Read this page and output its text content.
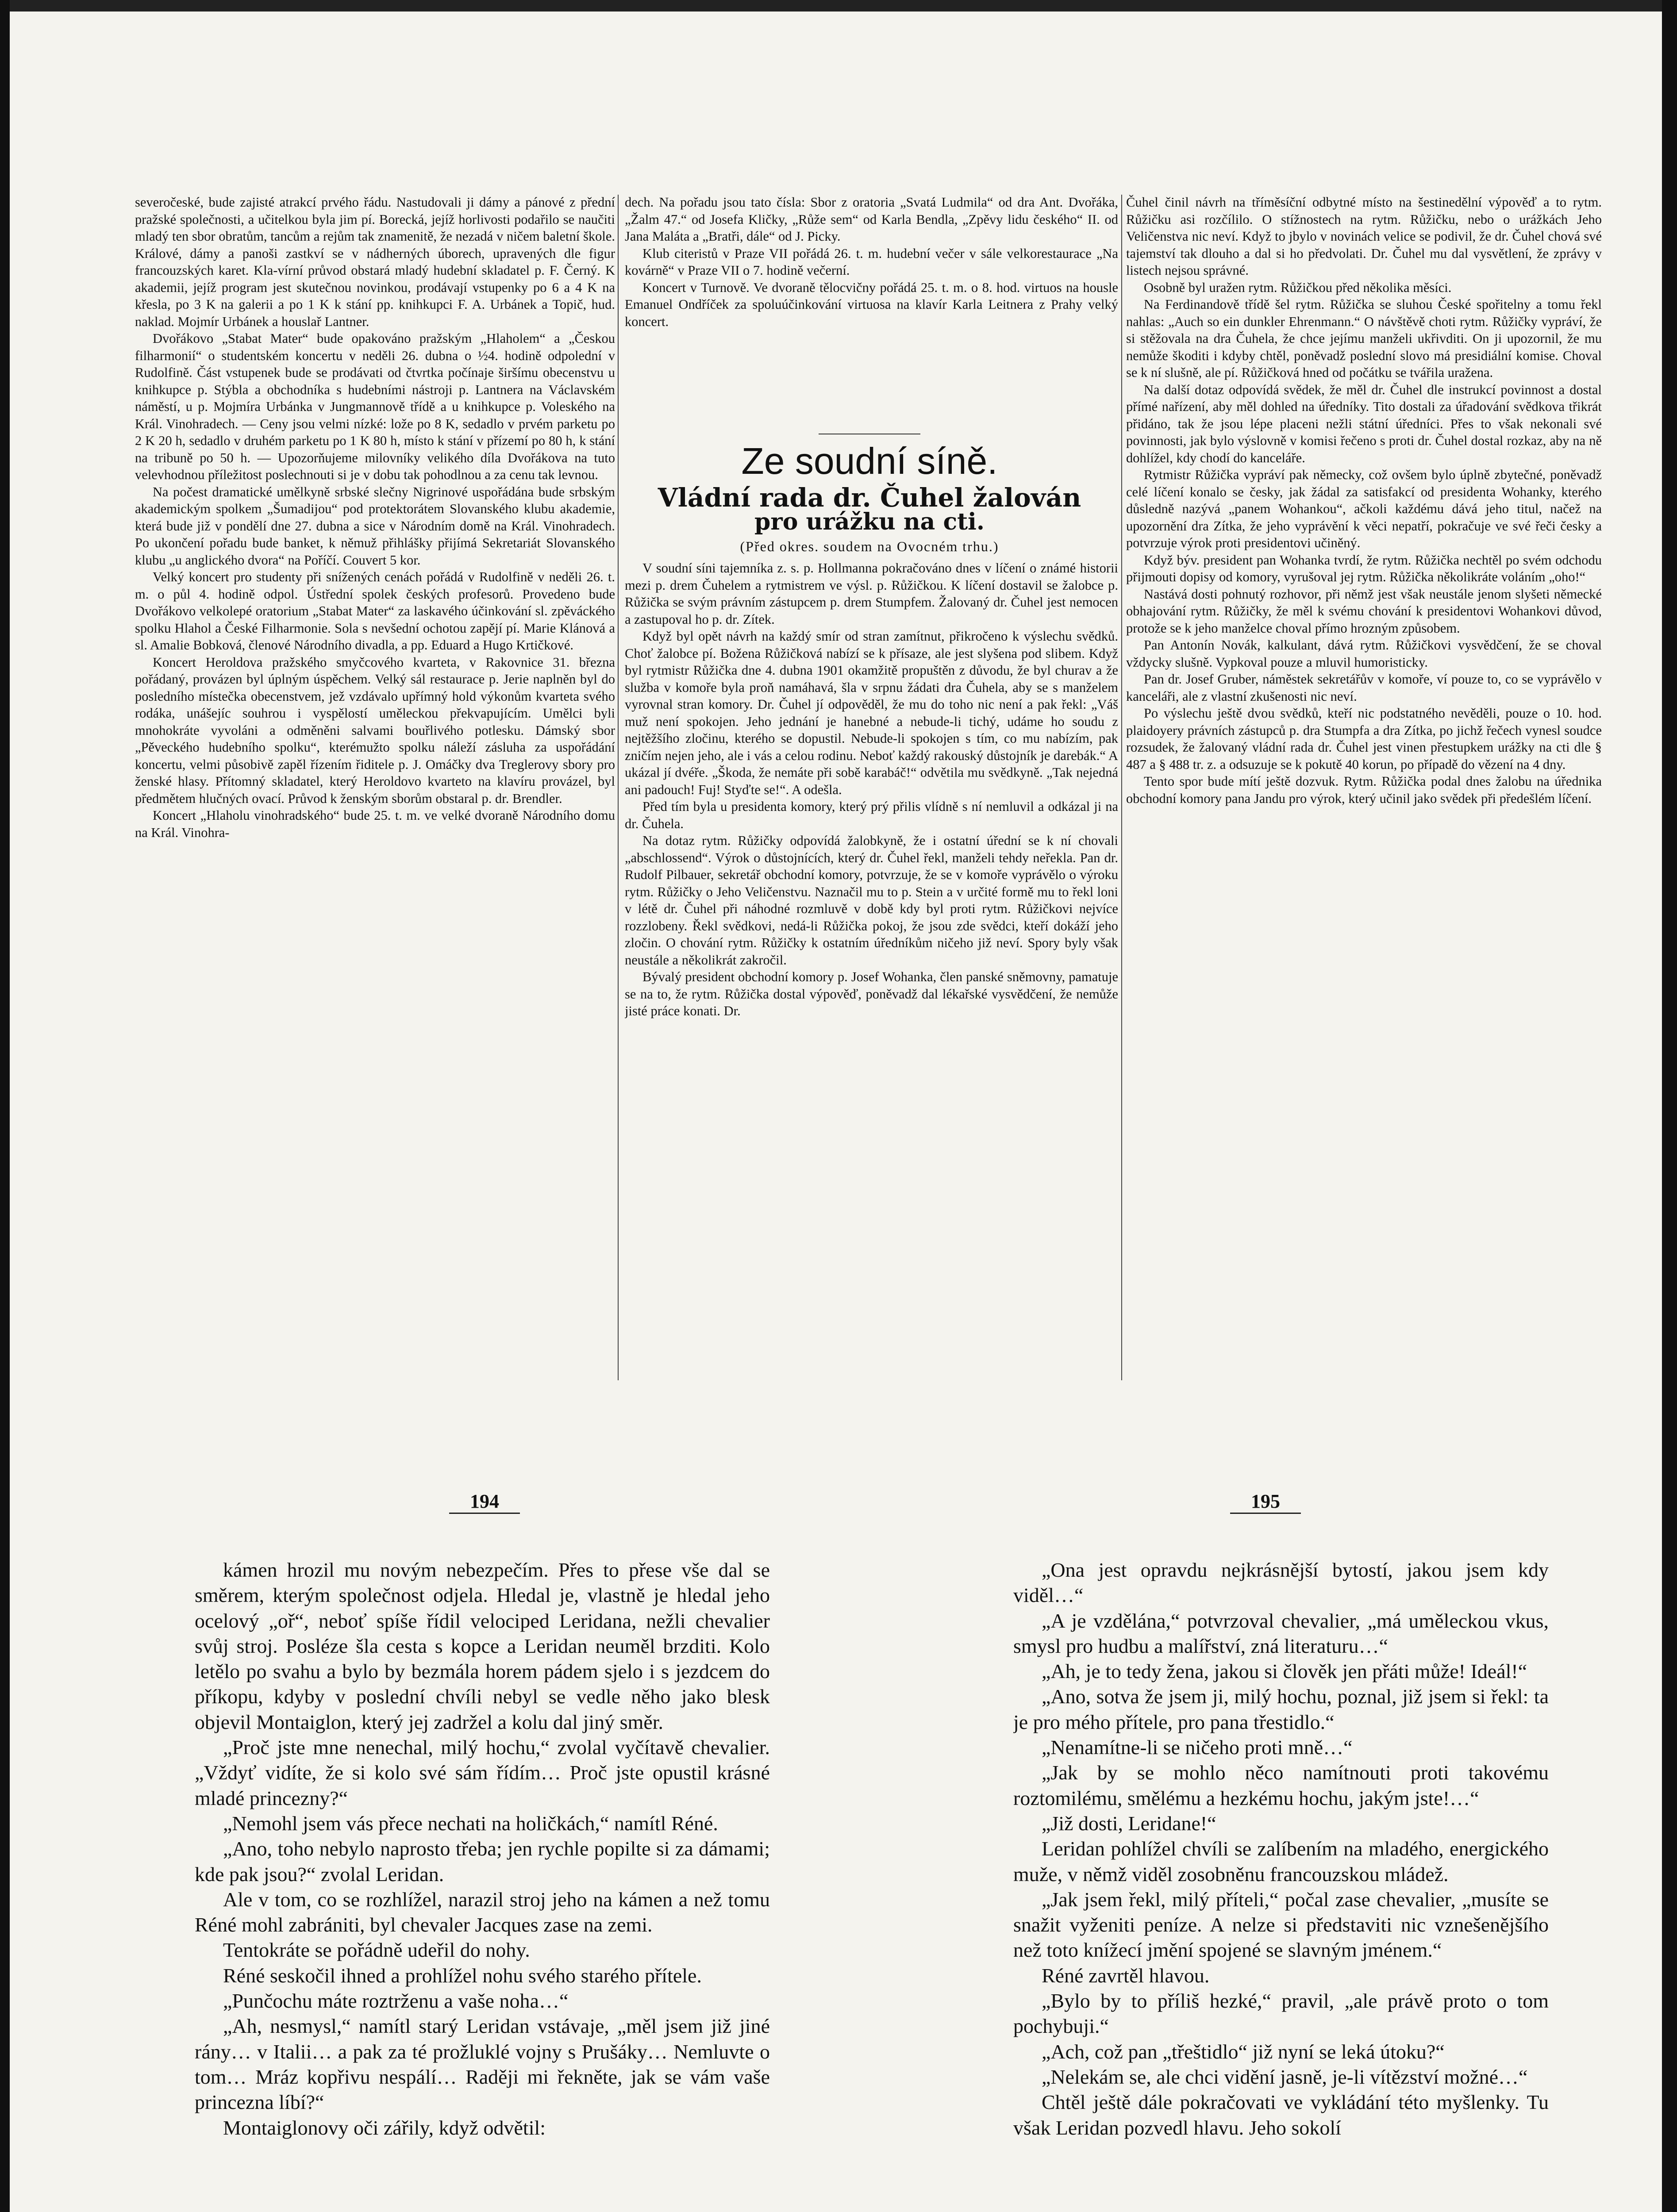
severočeské, bude zajisté atrakcí prvého řádu. Nastudovali ji dámy a pánové z přední pražské společnosti, a učitelkou byla jim pí. Borecká, jejíž horlivosti podařilo se naučiti mladý ten sbor obratům, tancům a rejům tak znamenitě, že nezadá v ničem baletní škole. Králové, dámy a panoši zastkví se v nádherných úborech, upravených dle figur francouzských karet. Kla-vírní průvod obstará mladý hudební skladatel p. F. Černý. K akademii, jejíž program jest skutečnou novinkou, prodávají vstupenky po 6 a 4 K na křesla, po 3 K na galerii a po 1 K k stání pp. knihkupci F. A. Urbánek a Topič, hud. naklad. Mojmír Urbánek a houslař Lantner.

Dvořákovo „Stabat Mater“ bude opakováno pražským „Hlaholem“ a „Českou filharmonií“ o studentském koncertu v neděli 26. dubna o ½4. hodině odpolední v Rudolfině. Část vstupenek bude se prodávati od čtvrtka počínaje širšímu obecenstvu u knihkupce p. Stýbla a obchodníka s hudebními nástroji p. Lantnera na Václavském náměstí, u p. Mojmíra Urbánka v Jungmannově třídě a u knihkupce p. Voleského na Král. Vinohradech. — Ceny jsou velmi nízké: lože po 8 K, sedadlo v prvém parketu po 2 K 20 h, sedadlo v druhém parketu po 1 K 80 h, místo k stání v přízemí po 80 h, k stání na tribuně po 50 h. — Upozorňujeme milovníky velikého díla Dvořákova na tuto velevhodnou příležitost poslechnouti si je v dobu tak pohodlnou a za cenu tak levnou.

Na počest dramatické umělkyně srbské slečny Nigrinové uspořádána bude srbským akademickým spolkem „Šumadijou“ pod protektorátem Slovanského klubu akademie, která bude již v pondělí dne 27. dubna a sice v Národním domě na Král. Vinohradech. Po ukončení pořadu bude banket, k němuž přihlášky přijímá Sekretariát Slovanského klubu „u anglického dvora“ na Poříčí. Couvert 5 kor.

Velký koncert pro studenty při snížených cenách pořádá v Rudolfině v neděli 26. t. m. o půl 4. hodině odpol. Ústřední spolek českých profesorů. Provedeno bude Dvořákovo velkolepé oratorium „Stabat Mater“ za laskavého účinkování sl. zpěváckého spolku Hlahol a České Filharmonie. Sola s nevšední ochotou zapějí pí. Marie Klánová a sl. Amalie Bobková, členové Národního divadla, a pp. Eduard a Hugo Krtičkové.

Koncert Heroldova pražského smyčcového kvarteta, v Rakovnice 31. března pořádaný, provázen byl úplným úspěchem. Velký sál restaurace p. Jerie naplněn byl do posledního místečka obecenstvem, jež vzdávalo upřímný hold výkonům kvarteta svého rodáka, unášejíc souhrou i vyspělostí uměleckou překvapujícím. Umělci byli mnohokráte vyvoláni a odměněni salvami bouřlivého potlesku. Dámský sbor „Pěveckého hudebního spolku“, kterémužto spolku náleží zásluha za uspořádání koncertu, velmi působivě zapěl řízením řiditele p. J. Omáčky dva Treglerovy sbory pro ženské hlasy. Přítomný skladatel, který Heroldovo kvarteto na klavíru provázel, byl předmětem hlučných ovací. Průvod k ženským sborům obstaral p. dr. Brendler.

Koncert „Hlaholu vinohradského“ bude 25. t. m. ve velké dvoraně Národního domu na Král. Vinohra-

dech. Na pořadu jsou tato čísla: Sbor z oratoria „Svatá Ludmila“ od dra Ant. Dvořáka, „Žalm 47.“ od Josefa Kličky, „Růže sem“ od Karla Bendla, „Zpěvy lidu českého“ II. od Jana Maláta a „Bratři, dále“ od J. Picky.

Klub citeristů v Praze VII pořádá 26. t. m. hudební večer v sále velkorestaurace „Na kovárně“ v Praze VII o 7. hodině večerní.

Koncert v Turnově. Ve dvoraně tělocvičny pořádá 25. t. m. o 8. hod. virtuos na housle Emanuel Ondříček za spoluúčinkování virtuosa na klavír Karla Leitnera z Prahy velký koncert.

Ze soudní síně.
Vládní rada dr. Čuhel žalován
pro urážku na cti.
(Před okres. soudem na Ovocném trhu.)

V soudní síni tajemníka z. s. p. Hollmanna pokračováno dnes v líčení o známé historii mezi p. drem Čuhelem a rytmistrem ve výsl. p. Růžičkou. K líčení dostavil se žalobce p. Růžička se svým právním zástupcem p. drem Stumpfem. Žalovaný dr. Čuhel jest nemocen a zastupoval ho p. dr. Zítek.

Když byl opět návrh na každý smír od stran zamítnut, přikročeno k výslechu svědků. Choť žalobce pí. Božena Růžičková nabízí se k přísaze, ale jest slyšena pod slibem. Když byl rytmistr Růžička dne 4. dubna 1901 okamžitě propuštěn z důvodu, že byl churav a že služba v komoře byla proň namáhavá, šla v srpnu žádati dra Čuhela, aby se s manželem vyrovnal stran komory. Dr. Čuhel jí odpověděl, že mu do toho nic není a pak řekl: „Váš muž není spokojen. Jeho jednání je hanebné a nebude-li tichý, udáme ho soudu z nejtěžšího zločinu, kterého se dopustil. Nebude-li spokojen s tím, co mu nabízím, pak zničím nejen jeho, ale i vás a celou rodinu. Neboť každý rakouský důstojník je darebák.“ A ukázal jí dvéře. „Škoda, že nemáte při sobě karabáč!“ odvětila mu svědkyně. „Tak nejedná ani padouch! Fuj! Styďte se!“. A odešla.

Před tím byla u presidenta komory, který prý přilis vlídně s ní nemluvil a odkázal ji na dr. Čuhela.

Na dotaz rytm. Růžičky odpovídá žalobkyně, že i ostatní úřední se k ní chovali „abschlossend“. Výrok o důstojnících, který dr. Čuhel řekl, manželi tehdy neřekla. Pan dr. Rudolf Pilbauer, sekretář obchodní komory, potvrzuje, že se v komoře vyprávělo o výroku rytm. Růžičky o Jeho Veličenstvu. Naznačil mu to p. Stein a v určité formě mu to řekl loni v létě dr. Čuhel při náhodné rozmluvě v době kdy byl proti rytm. Růžičkovi nejvíce rozzlobeny. Řekl svědkovi, nedá-li Růžička pokoj, že jsou zde svědci, kteří dokáží jeho zločin. O chování rytm. Růžičky k ostatním úředníkům ničeho již neví. Spory byly však neustále a několikrát zakročil.

Bývalý president obchodní komory p. Josef Wohanka, člen panské sněmovny, pamatuje se na to, že rytm. Růžička dostal výpověď, poněvadž dal lékařské vysvědčení, že nemůže jisté práce konati. Dr.

Čuhel činil návrh na tříměsíční odbytné místo na šestinedělní výpověď a to rytm. Růžičku asi rozčílilo. O stížnostech na rytm. Růžičku, nebo o urážkách Jeho Veličenstva nic neví. Když to jbylo v novinách velice se podivil, že dr. Čuhel chová své tajemství tak dlouho a dal si ho předvolati. Dr. Čuhel mu dal vysvětlení, že zprávy v listech nejsou správné.

Osobně byl uražen rytm. Růžičkou před několika měsíci.

Na Ferdinandově třídě šel rytm. Růžička se sluhou České spořitelny a tomu řekl nahlas: „Auch so ein dunkler Ehrenmann.“ O návštěvě choti rytm. Růžičky vypráví, že si stěžovala na dra Čuhela, že chce jejímu manželi ukřivditi. On ji upozornil, že mu nemůže škoditi i kdyby chtěl, poněvadž poslední slovo má presidiální komise. Choval se k ní slušně, ale pí. Růžičková hned od počátku se tvářila uražena.

Na další dotaz odpovídá svědek, že měl dr. Čuhel dle instrukcí povinnost a dostal přímé nařízení, aby měl dohled na úředníky. Tito dostali za úřadování svědkova třikrát přidáno, tak že jsou lépe placeni nežli státní úředníci. Přes to však nekonali své povinnosti, jak bylo výslovně v komisi řečeno s proti dr. Čuhel dostal rozkaz, aby na ně dohlížel, kdy chodí do kanceláře.

Rytmistr Růžička vypráví pak německy, což ovšem bylo úplně zbytečné, poněvadž celé líčení konalo se česky, jak žádal za satisfakcí od presidenta Wohanky, kterého důsledně nazývá „panem Wohankou“, ačkoli každému dává jeho titul, načež na upozornění dra Zítka, že jeho vyprávění k věci nepatří, pokračuje ve své řeči česky a potvrzuje výrok proti presidentovi učiněný.

Když býv. president pan Wohanka tvrdí, že rytm. Růžička nechtěl po svém odchodu přijmouti dopisy od komory, vyrušoval jej rytm. Růžička několikráte voláním „oho!“

Nastává dosti pohnutý rozhovor, při němž jest však neustále jenom slyšeti německé obhajování rytm. Růžičky, že měl k svému chování k presidentovi Wohankovi důvod, protože se k jeho manželce choval přímo hrozným způsobem.

Pan Antonín Novák, kalkulant, dává rytm. Růžičkovi vysvědčení, že se choval vždycky slušně. Vypkoval pouze a mluvil humoristicky.

Pan dr. Josef Gruber, náměstek sekretářův v komoře, ví pouze to, co se vyprávělo v kanceláři, ale z vlastní zkušenosti nic neví.

Po výslechu ještě dvou svědků, kteří nic podstatného nevěděli, pouze o 10. hod. plaidoyery právních zástupců p. dra Stumpfa a dra Zítka, po jichž řečech vynesl soudce rozsudek, že žalovaný vládní rada dr. Čuhel jest vinen přestupkem urážky na cti dle § 487 a § 488 tr. z. a odsuzuje se k pokutě 40 korun, po případě do vězení na 4 dny.

Tento spor bude mítí ještě dozvuk. Rytm. Růžička podal dnes žalobu na úřednika obchodní komory pana Jandu pro výrok, který učinil jako svědek při předešlém líčení.

194	195

kámen hrozil mu novým nebezpečím. Přes to přese vše dal se směrem, kterým společnost odjela. Hledal je, vlastně je hledal jeho ocelový „oř“, neboť spíše řídil velociped Leridana, nežli chevalier svůj stroj. Posléze šla cesta s kopce a Leridan neuměl brzditi. Kolo letělo po svahu a bylo by bezmála horem pádem sjelo i s jezdcem do příkopu, kdyby v poslední chvíli nebyl se vedle něho jako blesk objevil Montaiglon, který jej zadržel a kolu dal jiný směr.

„Proč jste mne nenechal, milý hochu,“ zvolal vyčítavě chevalier. „Vždyť vidíte, že si kolo své sám řídím… Proč jste opustil krásné mladé princezny?“

„Nemohl jsem vás přece nechati na holičkách,“ namítl Réné.

„Ano, toho nebylo naprosto třeba; jen rychle popilte si za dámami; kde pak jsou?“ zvolal Leridan.

Ale v tom, co se rozhlížel, narazil stroj jeho na kámen a než tomu Réné mohl zabrániti, byl chevaler Jacques zase na zemi.

Tentokráte se pořádně udeřil do nohy.

Réné seskočil ihned a prohlížel nohu svého starého přítele.

„Punčochu máte roztrženu a vaše noha…“

„Ah, nesmysl,“ namítl starý Leridan vstávaje, „měl jsem již jiné rány… v Italii… a pak za té prožluklé vojny s Prušáky… Nemluvte o tom… Mráz kopřivu nespálí… Raději mi řekněte, jak se vám vaše princezna líbí?“

Montaiglonovy oči zářily, když odvětil:

„Ona jest opravdu nejkrásnější bytostí, jakou jsem kdy viděl…“

„A je vzdělána,“ potvrzoval chevalier, „má uměleckou vkus, smysl pro hudbu a malířství, zná literaturu…“

„Ah, je to tedy žena, jakou si člověk jen přáti může! Ideál!“

„Ano, sotva že jsem ji, milý hochu, poznal, již jsem si řekl: ta je pro mého přítele, pro pana třestidlo.“

„Nenamítne-li se ničeho proti mně…“

„Jak by se mohlo něco namítnouti proti takovému roztomilému, smělému a hezkému hochu, jakým jste!…“

„Již dosti, Leridane!“

Leridan pohlížel chvíli se zalíbením na mladého, energického muže, v němž viděl zosobněnu francouzskou mládež.

„Jak jsem řekl, milý příteli,“ počal zase chevalier, „musíte se snažit vyženiti peníze. A nelze si představiti nic vznešenějšího než toto knížecí jmění spojené se slavným jménem.“

Réné zavrtěl hlavou.

„Bylo by to příliš hezké,“ pravil, „ale právě proto o tom pochybuji.“

„Ach, což pan „třeštidlo“ již nyní se leká útoku?“

„Nelekám se, ale chci vidění jasně, je-li vítězství možné…“

Chtěl ještě dále pokračovati ve vykládání této myšlenky. Tu však Leridan pozvedl hlavu. Jeho sokolí
